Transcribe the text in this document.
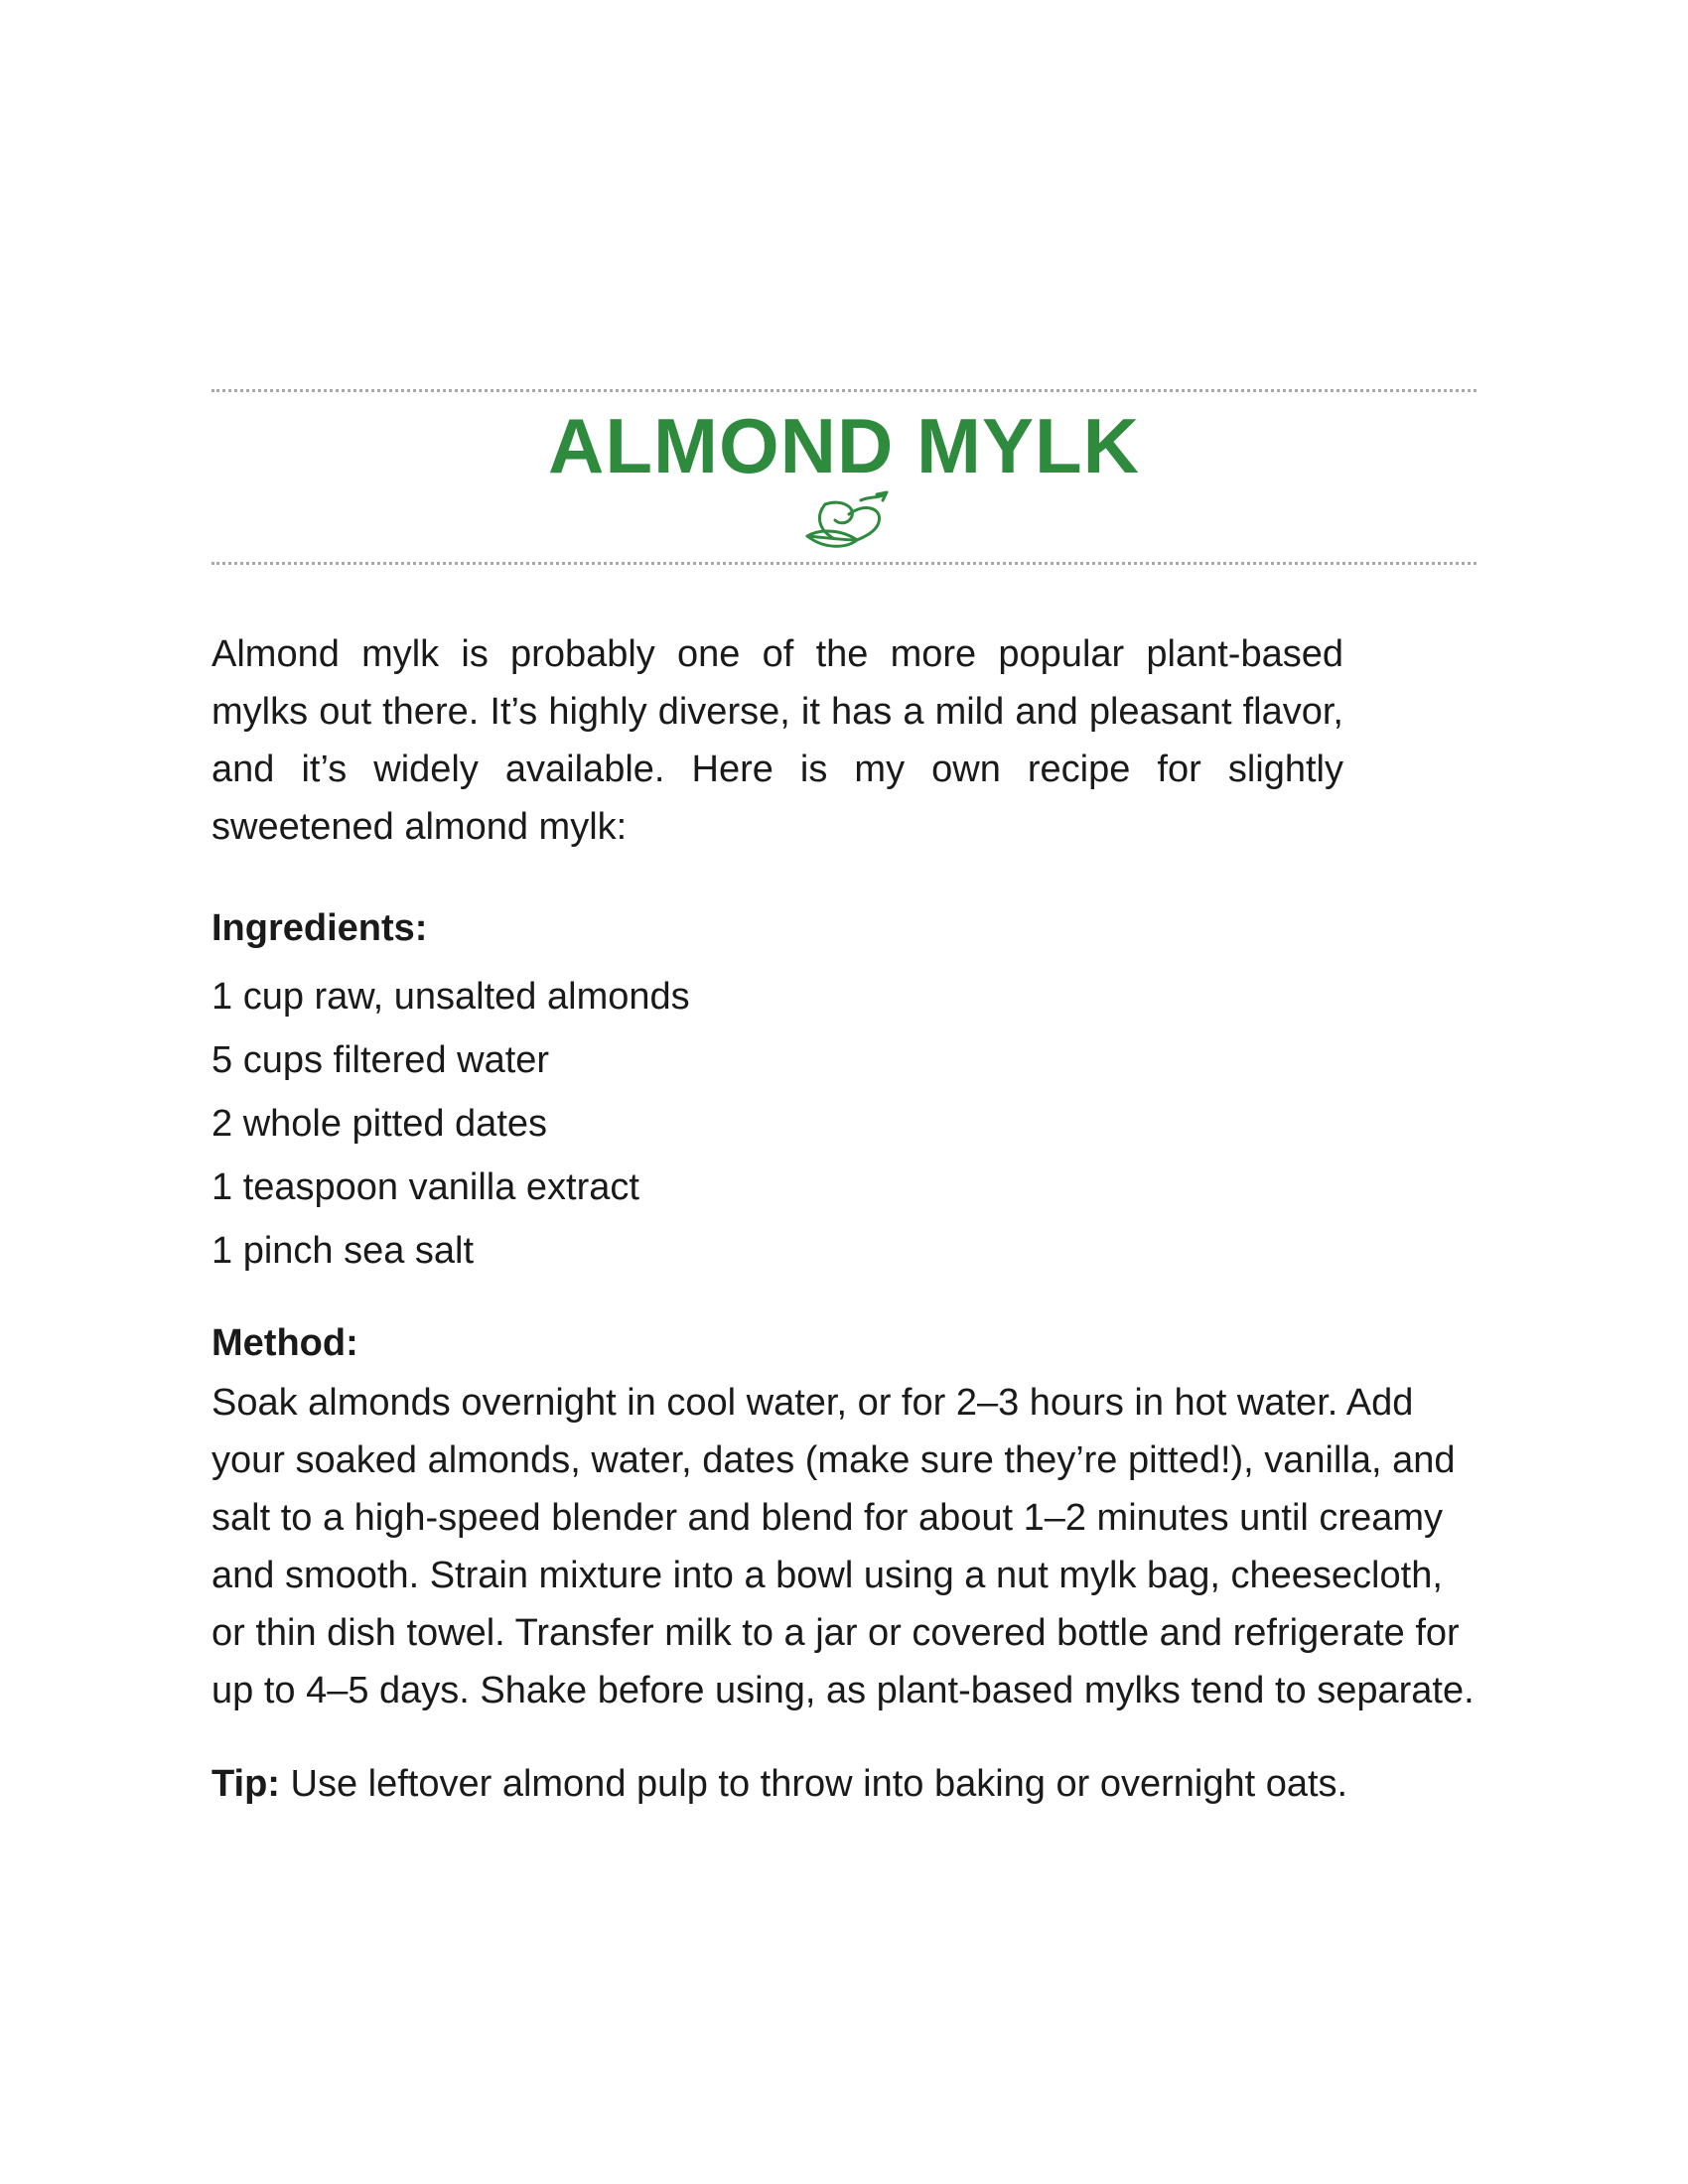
ALMOND MYLK

Almond mylk is probably one of the more popular plant-based mylks out there. It’s highly diverse, it has a mild and pleasant flavor, and it’s widely available. Here is my own recipe for slightly sweetened almond mylk:

Ingredients:
1 cup raw, unsalted almonds
5 cups filtered water
2 whole pitted dates
1 teaspoon vanilla extract
1 pinch sea salt
Method:

Soak almonds overnight in cool water, or for 2–3 hours in hot water. Add your soaked almonds, water, dates (make sure they’re pitted!), vanilla, and salt to a high-speed blender and blend for about 1–2 minutes until creamy and smooth. Strain mixture into a bowl using a nut mylk bag, cheesecloth, or thin dish towel. Transfer milk to a jar or covered bottle and refrigerate for up to 4–5 days. Shake before using, as plant-based mylks tend to separate.

Tip: Use leftover almond pulp to throw into baking or overnight oats.
